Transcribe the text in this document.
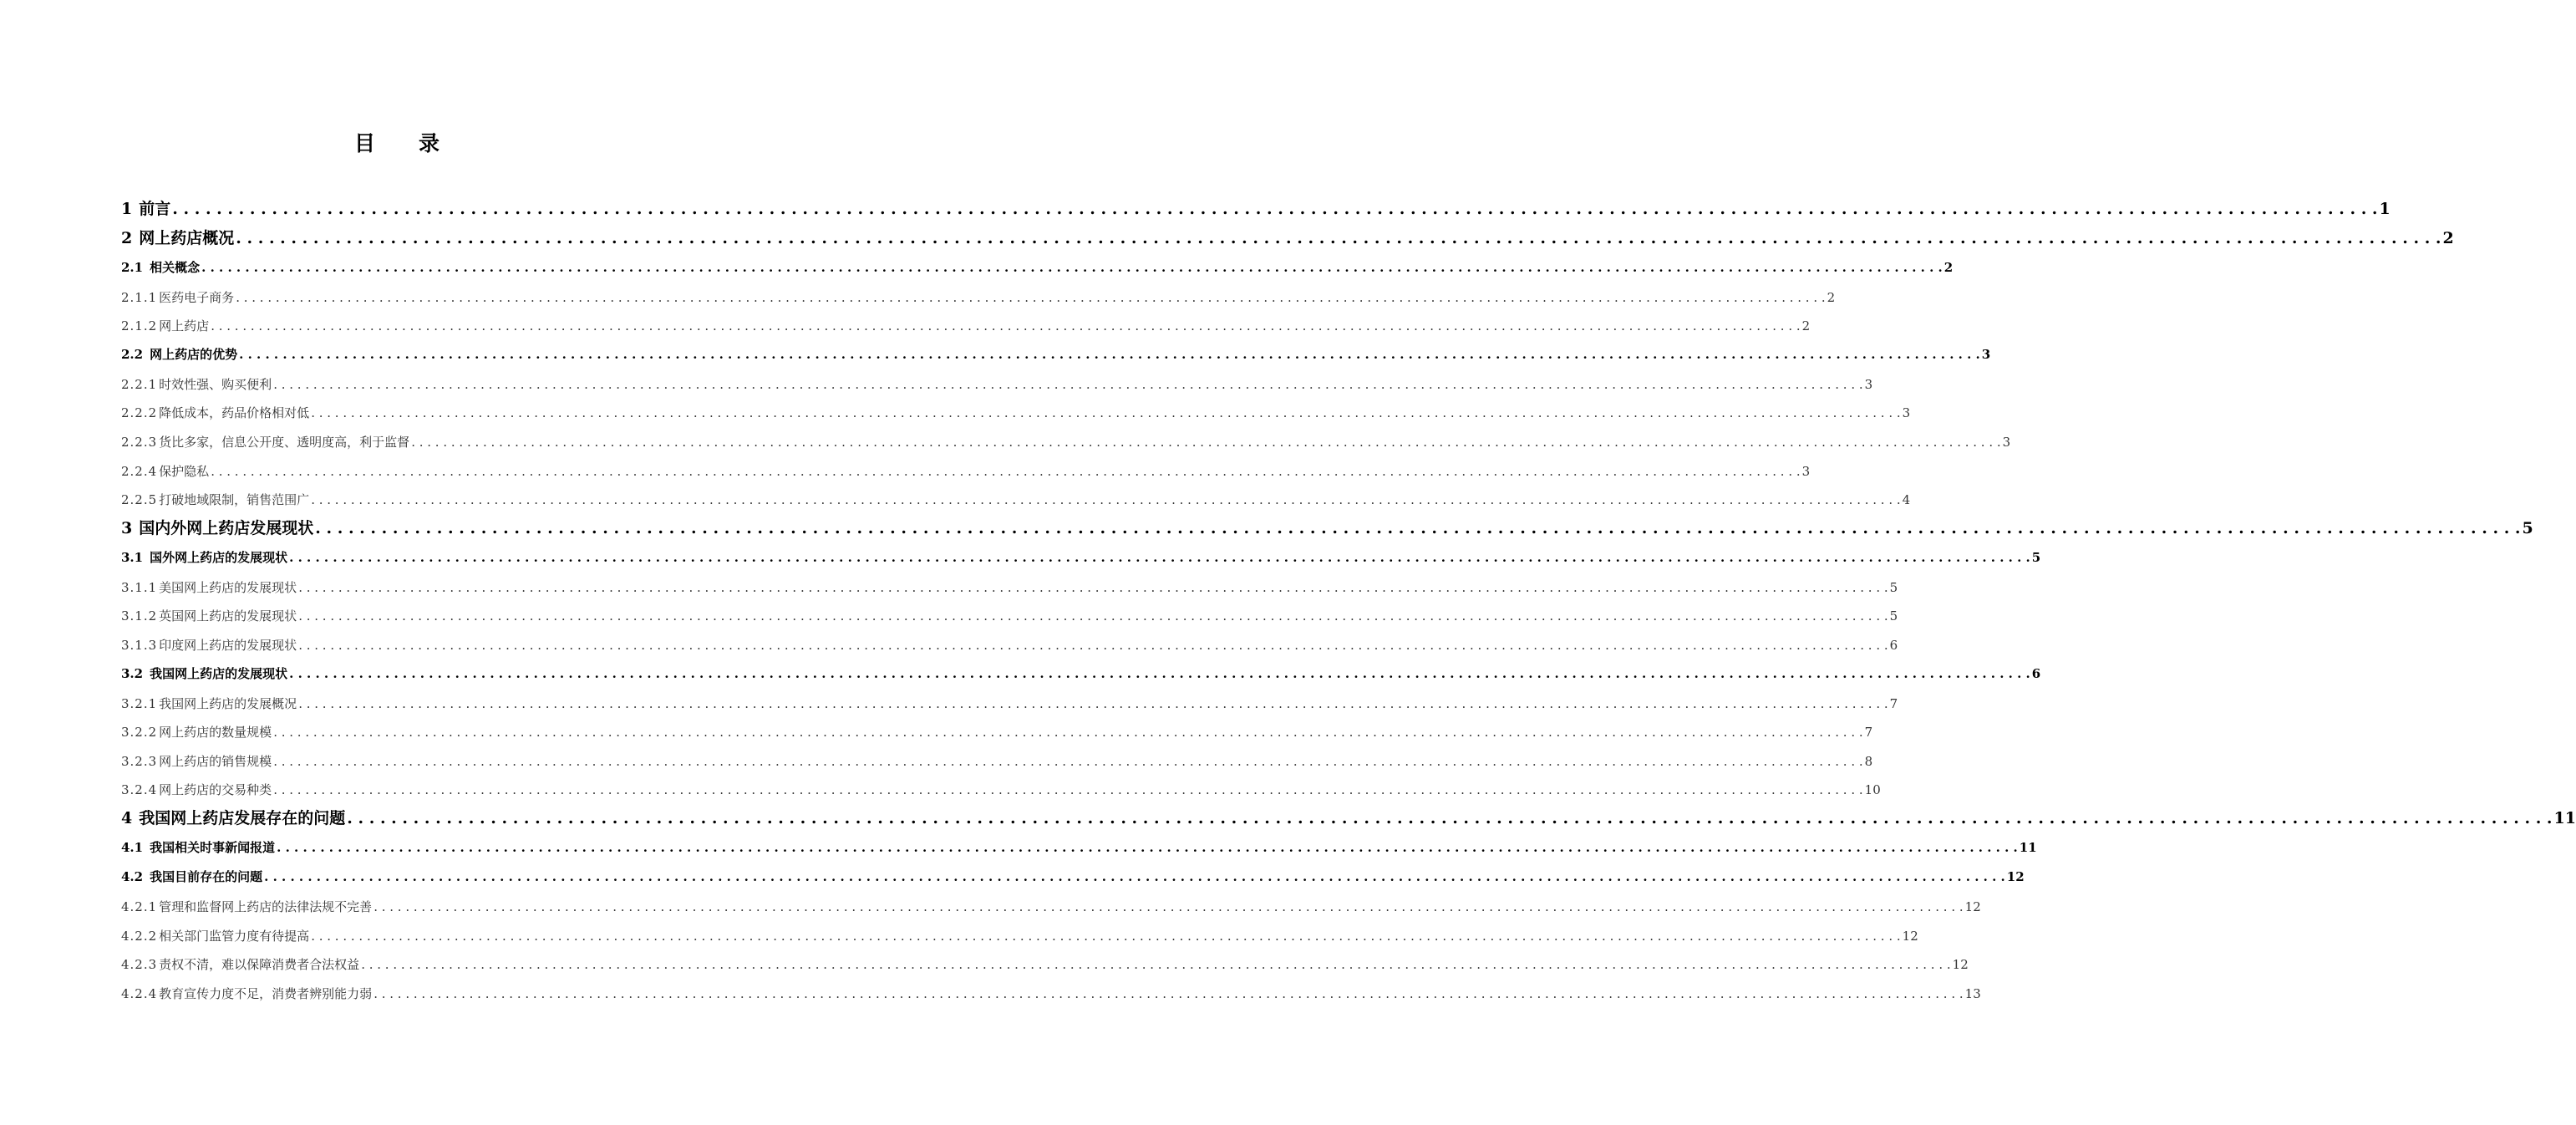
目 录
1 前言 . . . . . . . . . . . . . . . . . . . . . . . . . . . . . . . . . . . . . . . . . . . . . . . . . . . . . . . . . . . . . . . . . . . . . . . . . . . . . . . . . . . . . . . . . . . . . . . . . . . . . . . . . . . . . . . . . . . . . . . . . . . . . . . . . . . . . . . . . . . . . . . . . . . . . . . . . . . . . . . . . . . . . . . . . . . . . . . . . . . . . . . . . . . . . . . . . . . . . . . . 1
2 网上药店概况 . . . . . . . . . . . . . . . . . . . . . . . . . . . . . . . . . . . . . . . . . . . . . . . . . . . . . . . . . . . . . . . . . . . . . . . . . . . . . . . . . . . . . . . . . . . . . . . . . . . . . . . . . . . . . . . . . . . . . . . . . . . . . . . . . . . . . . . . . . . . . . . . . . . . . . . . . . . . . . . . . . . . . . . . . . . . . . . . . . . . . . . . . . . . . . . . . . . . . . . . 2
2.1 相关概念 . . . . . . . . . . . . . . . . . . . . . . . . . . . . . . . . . . . . . . . . . . . . . . . . . . . . . . . . . . . . . . . . . . . . . . . . . . . . . . . . . . . . . . . . . . . . . . . . . . . . . . . . . . . . . . . . . . . . . . . . . . . . . . . . . . . . . . . . . . . . . . . . . . . . . . . . . . . . . . . . . . . . . . . . . . . . . . . . . . . . . . . . . . . . . . . . . . . . . . . . 2
2.1.1 医药电子商务 . . . . . . . . . . . . . . . . . . . . . . . . . . . . . . . . . . . . . . . . . . . . . . . . . . . . . . . . . . . . . . . . . . . . . . . . . . . . . . . . . . . . . . . . . . . . . . . . . . . . . . . . . . . . . . . . . . . . . . . . . . . . . . . . . . . . . . . . . . . . . . . . . . . . . . . . . . . . . . . . . . . . . . . . . . . . . . . . . . . . . . . . . . . . . . . . . . . . . . . . 2
2.1.2 网上药店 . . . . . . . . . . . . . . . . . . . . . . . . . . . . . . . . . . . . . . . . . . . . . . . . . . . . . . . . . . . . . . . . . . . . . . . . . . . . . . . . . . . . . . . . . . . . . . . . . . . . . . . . . . . . . . . . . . . . . . . . . . . . . . . . . . . . . . . . . . . . . . . . . . . . . . . . . . . . . . . . . . . . . . . . . . . . . . . . . . . . . . . . . . . . . . . . . . . . . . . . 2
2.2 网上药店的优势 . . . . . . . . . . . . . . . . . . . . . . . . . . . . . . . . . . . . . . . . . . . . . . . . . . . . . . . . . . . . . . . . . . . . . . . . . . . . . . . . . . . . . . . . . . . . . . . . . . . . . . . . . . . . . . . . . . . . . . . . . . . . . . . . . . . . . . . . . . . . . . . . . . . . . . . . . . . . . . . . . . . . . . . . . . . . . . . . . . . . . . . . . . . . . . . . . . . . . . . . 3
2.2.1 时效性强、购买便利 . . . . . . . . . . . . . . . . . . . . . . . . . . . . . . . . . . . . . . . . . . . . . . . . . . . . . . . . . . . . . . . . . . . . . . . . . . . . . . . . . . . . . . . . . . . . . . . . . . . . . . . . . . . . . . . . . . . . . . . . . . . . . . . . . . . . . . . . . . . . . . . . . . . . . . . . . . . . . . . . . . . . . . . . . . . . . . . . . . . . . . . . . . . . . . . . . . . . . . . . 3
2.2.2 降低成本，药品价格相对低 . . . . . . . . . . . . . . . . . . . . . . . . . . . . . . . . . . . . . . . . . . . . . . . . . . . . . . . . . . . . . . . . . . . . . . . . . . . . . . . . . . . . . . . . . . . . . . . . . . . . . . . . . . . . . . . . . . . . . . . . . . . . . . . . . . . . . . . . . . . . . . . . . . . . . . . . . . . . . . . . . . . . . . . . . . . . . . . . . . . . . . . . . . . . . . . . . . . . . . . . 3
2.2.3 货比多家，信息公开度、透明度高，利于监督 . . . . . . . . . . . . . . . . . . . . . . . . . . . . . . . . . . . . . . . . . . . . . . . . . . . . . . . . . . . . . . . . . . . . . . . . . . . . . . . . . . . . . . . . . . . . . . . . . . . . . . . . . . . . . . . . . . . . . . . . . . . . . . . . . . . . . . . . . . . . . . . . . . . . . . . . . . . . . . . . . . . . . . . . . . . . . . . . . . . . . . . . . . . . . . . . . . . . . . . . 3
2.2.4 保护隐私 . . . . . . . . . . . . . . . . . . . . . . . . . . . . . . . . . . . . . . . . . . . . . . . . . . . . . . . . . . . . . . . . . . . . . . . . . . . . . . . . . . . . . . . . . . . . . . . . . . . . . . . . . . . . . . . . . . . . . . . . . . . . . . . . . . . . . . . . . . . . . . . . . . . . . . . . . . . . . . . . . . . . . . . . . . . . . . . . . . . . . . . . . . . . . . . . . . . . . . . . 3
2.2.5 打破地域限制，销售范围广 . . . . . . . . . . . . . . . . . . . . . . . . . . . . . . . . . . . . . . . . . . . . . . . . . . . . . . . . . . . . . . . . . . . . . . . . . . . . . . . . . . . . . . . . . . . . . . . . . . . . . . . . . . . . . . . . . . . . . . . . . . . . . . . . . . . . . . . . . . . . . . . . . . . . . . . . . . . . . . . . . . . . . . . . . . . . . . . . . . . . . . . . . . . . . . . . . . . . . . . . 4
3 国内外网上药店发展现状 . . . . . . . . . . . . . . . . . . . . . . . . . . . . . . . . . . . . . . . . . . . . . . . . . . . . . . . . . . . . . . . . . . . . . . . . . . . . . . . . . . . . . . . . . . . . . . . . . . . . . . . . . . . . . . . . . . . . . . . . . . . . . . . . . . . . . . . . . . . . . . . . . . . . . . . . . . . . . . . . . . . . . . . . . . . . . . . . . . . . . . . . . . . . . . . . . . . . . . . . 5
3.1 国外网上药店的发展现状 . . . . . . . . . . . . . . . . . . . . . . . . . . . . . . . . . . . . . . . . . . . . . . . . . . . . . . . . . . . . . . . . . . . . . . . . . . . . . . . . . . . . . . . . . . . . . . . . . . . . . . . . . . . . . . . . . . . . . . . . . . . . . . . . . . . . . . . . . . . . . . . . . . . . . . . . . . . . . . . . . . . . . . . . . . . . . . . . . . . . . . . . . . . . . . . . . . . . . . . . 5
3.1.1 美国网上药店的发展现状 . . . . . . . . . . . . . . . . . . . . . . . . . . . . . . . . . . . . . . . . . . . . . . . . . . . . . . . . . . . . . . . . . . . . . . . . . . . . . . . . . . . . . . . . . . . . . . . . . . . . . . . . . . . . . . . . . . . . . . . . . . . . . . . . . . . . . . . . . . . . . . . . . . . . . . . . . . . . . . . . . . . . . . . . . . . . . . . . . . . . . . . . . . . . . . . . . . . . . . . . 5
3.1.2 英国网上药店的发展现状 . . . . . . . . . . . . . . . . . . . . . . . . . . . . . . . . . . . . . . . . . . . . . . . . . . . . . . . . . . . . . . . . . . . . . . . . . . . . . . . . . . . . . . . . . . . . . . . . . . . . . . . . . . . . . . . . . . . . . . . . . . . . . . . . . . . . . . . . . . . . . . . . . . . . . . . . . . . . . . . . . . . . . . . . . . . . . . . . . . . . . . . . . . . . . . . . . . . . . . . . 5
3.1.3 印度网上药店的发展现状 . . . . . . . . . . . . . . . . . . . . . . . . . . . . . . . . . . . . . . . . . . . . . . . . . . . . . . . . . . . . . . . . . . . . . . . . . . . . . . . . . . . . . . . . . . . . . . . . . . . . . . . . . . . . . . . . . . . . . . . . . . . . . . . . . . . . . . . . . . . . . . . . . . . . . . . . . . . . . . . . . . . . . . . . . . . . . . . . . . . . . . . . . . . . . . . . . . . . . . . . 6
3.2 我国网上药店的发展现状 . . . . . . . . . . . . . . . . . . . . . . . . . . . . . . . . . . . . . . . . . . . . . . . . . . . . . . . . . . . . . . . . . . . . . . . . . . . . . . . . . . . . . . . . . . . . . . . . . . . . . . . . . . . . . . . . . . . . . . . . . . . . . . . . . . . . . . . . . . . . . . . . . . . . . . . . . . . . . . . . . . . . . . . . . . . . . . . . . . . . . . . . . . . . . . . . . . . . . . . . 6
3.2.1 我国网上药店的发展概况 . . . . . . . . . . . . . . . . . . . . . . . . . . . . . . . . . . . . . . . . . . . . . . . . . . . . . . . . . . . . . . . . . . . . . . . . . . . . . . . . . . . . . . . . . . . . . . . . . . . . . . . . . . . . . . . . . . . . . . . . . . . . . . . . . . . . . . . . . . . . . . . . . . . . . . . . . . . . . . . . . . . . . . . . . . . . . . . . . . . . . . . . . . . . . . . . . . . . . . . . 7
3.2.2 网上药店的数量规模 . . . . . . . . . . . . . . . . . . . . . . . . . . . . . . . . . . . . . . . . . . . . . . . . . . . . . . . . . . . . . . . . . . . . . . . . . . . . . . . . . . . . . . . . . . . . . . . . . . . . . . . . . . . . . . . . . . . . . . . . . . . . . . . . . . . . . . . . . . . . . . . . . . . . . . . . . . . . . . . . . . . . . . . . . . . . . . . . . . . . . . . . . . . . . . . . . . . . . . . . 7
3.2.3 网上药店的销售规模 . . . . . . . . . . . . . . . . . . . . . . . . . . . . . . . . . . . . . . . . . . . . . . . . . . . . . . . . . . . . . . . . . . . . . . . . . . . . . . . . . . . . . . . . . . . . . . . . . . . . . . . . . . . . . . . . . . . . . . . . . . . . . . . . . . . . . . . . . . . . . . . . . . . . . . . . . . . . . . . . . . . . . . . . . . . . . . . . . . . . . . . . . . . . . . . . . . . . . . . . 8
3.2.4 网上药店的交易种类 . . . . . . . . . . . . . . . . . . . . . . . . . . . . . . . . . . . . . . . . . . . . . . . . . . . . . . . . . . . . . . . . . . . . . . . . . . . . . . . . . . . . . . . . . . . . . . . . . . . . . . . . . . . . . . . . . . . . . . . . . . . . . . . . . . . . . . . . . . . . . . . . . . . . . . . . . . . . . . . . . . . . . . . . . . . . . . . . . . . . . . . . . . . . . . . . . . . . . . . . 10
4 我国网上药店发展存在的问题 . . . . . . . . . . . . . . . . . . . . . . . . . . . . . . . . . . . . . . . . . . . . . . . . . . . . . . . . . . . . . . . . . . . . . . . . . . . . . . . . . . . . . . . . . . . . . . . . . . . . . . . . . . . . . . . . . . . . . . . . . . . . . . . . . . . . . . . . . . . . . . . . . . . . . . . . . . . . . . . . . . . . . . . . . . . . . . . . . . . . . . . . . . . . . . . . . . . . . . . . 11
4.1 我国相关时事新闻报道 . . . . . . . . . . . . . . . . . . . . . . . . . . . . . . . . . . . . . . . . . . . . . . . . . . . . . . . . . . . . . . . . . . . . . . . . . . . . . . . . . . . . . . . . . . . . . . . . . . . . . . . . . . . . . . . . . . . . . . . . . . . . . . . . . . . . . . . . . . . . . . . . . . . . . . . . . . . . . . . . . . . . . . . . . . . . . . . . . . . . . . . . . . . . . . . . . . . . . . . . 11
4.2 我国目前存在的问题 . . . . . . . . . . . . . . . . . . . . . . . . . . . . . . . . . . . . . . . . . . . . . . . . . . . . . . . . . . . . . . . . . . . . . . . . . . . . . . . . . . . . . . . . . . . . . . . . . . . . . . . . . . . . . . . . . . . . . . . . . . . . . . . . . . . . . . . . . . . . . . . . . . . . . . . . . . . . . . . . . . . . . . . . . . . . . . . . . . . . . . . . . . . . . . . . . . . . . . . . 12
4.2.1 管理和监督网上药店的法律法规不完善 . . . . . . . . . . . . . . . . . . . . . . . . . . . . . . . . . . . . . . . . . . . . . . . . . . . . . . . . . . . . . . . . . . . . . . . . . . . . . . . . . . . . . . . . . . . . . . . . . . . . . . . . . . . . . . . . . . . . . . . . . . . . . . . . . . . . . . . . . . . . . . . . . . . . . . . . . . . . . . . . . . . . . . . . . . . . . . . . . . . . . . . . . . . . . . . . . . . . . . . . 12
4.2.2 相关部门监管力度有待提高 . . . . . . . . . . . . . . . . . . . . . . . . . . . . . . . . . . . . . . . . . . . . . . . . . . . . . . . . . . . . . . . . . . . . . . . . . . . . . . . . . . . . . . . . . . . . . . . . . . . . . . . . . . . . . . . . . . . . . . . . . . . . . . . . . . . . . . . . . . . . . . . . . . . . . . . . . . . . . . . . . . . . . . . . . . . . . . . . . . . . . . . . . . . . . . . . . . . . . . . . 12
4.2.3 责权不清，难以保障消费者合法权益 . . . . . . . . . . . . . . . . . . . . . . . . . . . . . . . . . . . . . . . . . . . . . . . . . . . . . . . . . . . . . . . . . . . . . . . . . . . . . . . . . . . . . . . . . . . . . . . . . . . . . . . . . . . . . . . . . . . . . . . . . . . . . . . . . . . . . . . . . . . . . . . . . . . . . . . . . . . . . . . . . . . . . . . . . . . . . . . . . . . . . . . . . . . . . . . . . . . . . . . . 12
4.2.4 教育宣传力度不足，消费者辨别能力弱 . . . . . . . . . . . . . . . . . . . . . . . . . . . . . . . . . . . . . . . . . . . . . . . . . . . . . . . . . . . . . . . . . . . . . . . . . . . . . . . . . . . . . . . . . . . . . . . . . . . . . . . . . . . . . . . . . . . . . . . . . . . . . . . . . . . . . . . . . . . . . . . . . . . . . . . . . . . . . . . . . . . . . . . . . . . . . . . . . . . . . . . . . . . . . . . . . . . . . . . . 13
